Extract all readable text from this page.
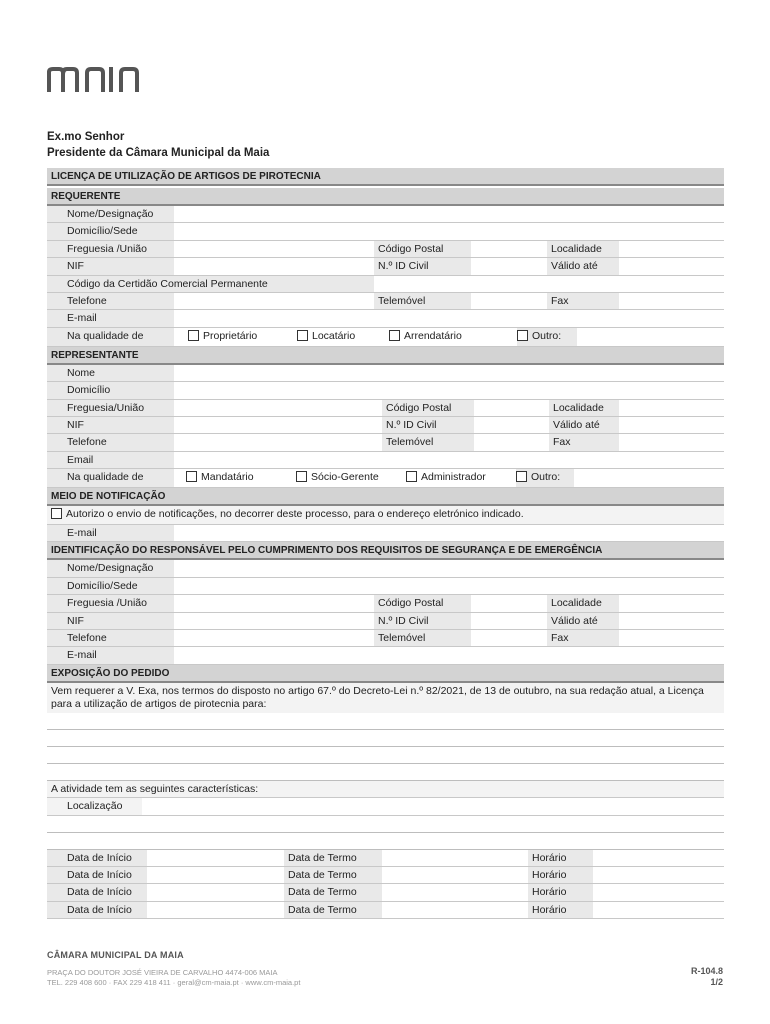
Ex.mo Senhor
Presidente da Câmara Municipal da Maia
LICENÇA DE UTILIZAÇÃO DE ARTIGOS DE PIROTECNIA
REQUERENTE
Nome/Designação
Domicílio/Sede
Freguesia /União	Código Postal	Localidade
NIF	N.º ID Civil	Válido até
Código da Certidão Comercial Permanente
Telefone	Telemóvel	Fax
E-mail
Na qualidade de	Proprietário	Locatário	Arrendatário	Outro:
REPRESENTANTE
Nome
Domicílio
Freguesia/União	Código Postal	Localidade
NIF	N.º ID Civil	Válido até
Telefone	Telemóvel	Fax
Email
Na qualidade de	Mandatário	Sócio-Gerente	Administrador	Outro:
MEIO DE NOTIFICAÇÃO
Autorizo o envio de notificações, no decorrer deste processo, para o endereço eletrónico indicado.
E-mail
IDENTIFICAÇÃO DO RESPONSÁVEL PELO CUMPRIMENTO DOS REQUISITOS DE SEGURANÇA E DE EMERGÊNCIA
Nome/Designação
Domicílio/Sede
Freguesia /União	Código Postal	Localidade
NIF	N.º ID Civil	Válido até
Telefone	Telemóvel	Fax
E-mail
EXPOSIÇÃO DO PEDIDO
Vem requerer a V. Exa, nos termos do disposto no artigo 67.º do Decreto-Lei n.º 82/2021, de 13 de outubro, na sua redação atual, a Licença para a utilização de artigos de pirotecnia para:
A atividade tem as seguintes características:
Localização
Data de Início	Data de Termo	Horário
Data de Início	Data de Termo	Horário
Data de Início	Data de Termo	Horário
Data de Início	Data de Termo	Horário
CÂMARA MUNICIPAL DA MAIA
PRAÇA DO DOUTOR JOSÉ VIEIRA DE CARVALHO 4474-006 MAIA
TEL. 229 408 600 · FAX 229 418 411 · geral@cm-maia.pt · www.cm-maia.pt
R-104.8
1/2
